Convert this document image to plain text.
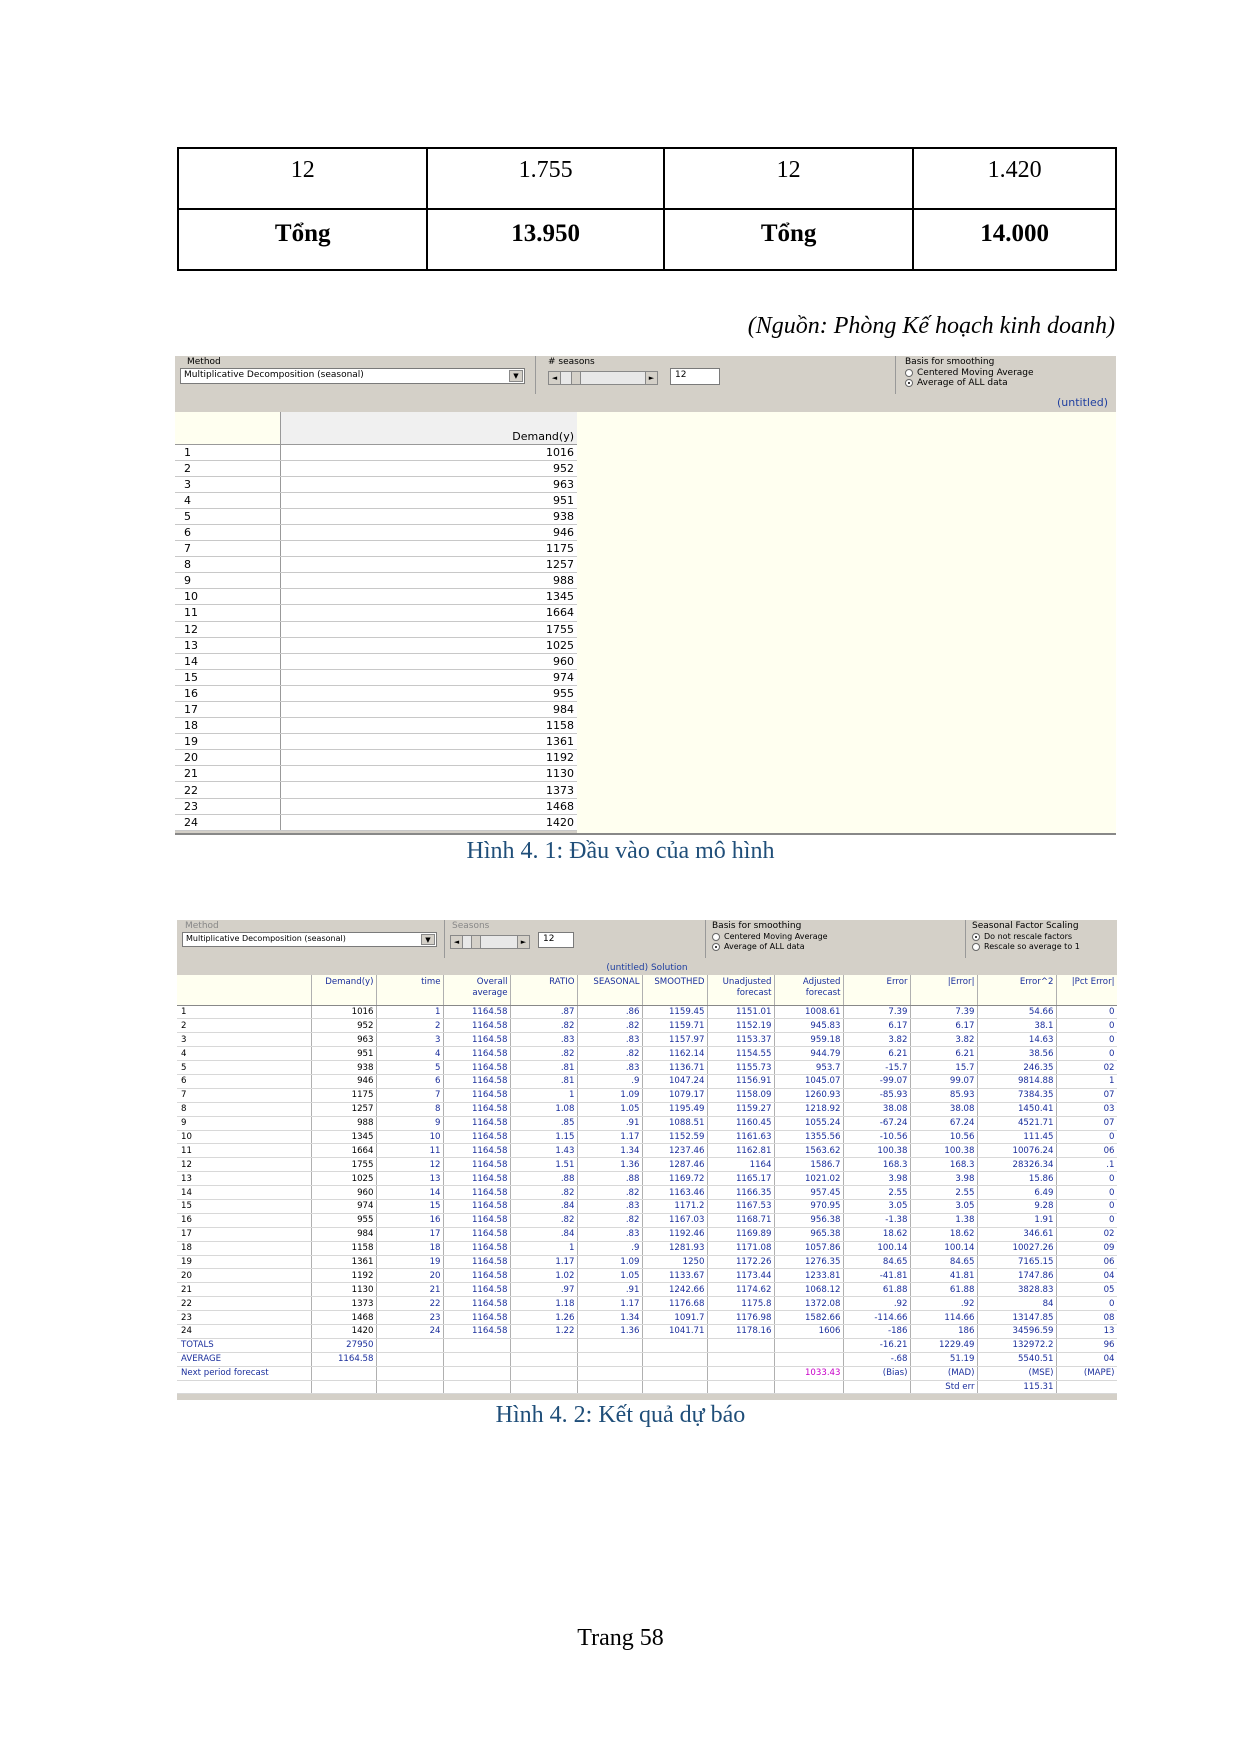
12	1.755	12	1.420
Tổng	13.950	Tổng	14.000
(Nguồn: Phòng Kế hoạch kinh doanh)
Method
Multiplicative Decomposition (seasonal)	▼
# seasons
◄	►	12
Basis for smoothing
Centered Moving Average
Average of ALL data
(untitled)
	Demand(y)
1	1016
2	952
3	963
4	951
5	938
6	946
7	1175
8	1257
9	988
10	1345
11	1664
12	1755
13	1025
14	960
15	974
16	955
17	984
18	1158
19	1361
20	1192
21	1130
22	1373
23	1468
24	1420
Hình 4. 1: Đầu vào của mô hình
Method
Multiplicative Decomposition (seasonal)	▼
Seasons
◄	►	12
Basis for smoothing
Centered Moving Average
Average of ALL data
Seasonal Factor Scaling
Do not rescale factors
Rescale so average to 1
(untitled) Solution
	Demand(y)	time	Overall average	RATIO	SEASONAL	SMOOTHED	Unadjusted forecast	Adjusted forecast	Error	|Error|	Error^2	|Pct Error|
1	1016	1	1164.58	.87	.86	1159.45	1151.01	1008.61	7.39	7.39	54.66	0
2	952	2	1164.58	.82	.82	1159.71	1152.19	945.83	6.17	6.17	38.1	0
3	963	3	1164.58	.83	.83	1157.97	1153.37	959.18	3.82	3.82	14.63	0
4	951	4	1164.58	.82	.82	1162.14	1154.55	944.79	6.21	6.21	38.56	0
5	938	5	1164.58	.81	.83	1136.71	1155.73	953.7	-15.7	15.7	246.35	02
6	946	6	1164.58	.81	.9	1047.24	1156.91	1045.07	-99.07	99.07	9814.88	1
7	1175	7	1164.58	1	1.09	1079.17	1158.09	1260.93	-85.93	85.93	7384.35	07
8	1257	8	1164.58	1.08	1.05	1195.49	1159.27	1218.92	38.08	38.08	1450.41	03
9	988	9	1164.58	.85	.91	1088.51	1160.45	1055.24	-67.24	67.24	4521.71	07
10	1345	10	1164.58	1.15	1.17	1152.59	1161.63	1355.56	-10.56	10.56	111.45	0
11	1664	11	1164.58	1.43	1.34	1237.46	1162.81	1563.62	100.38	100.38	10076.24	06
12	1755	12	1164.58	1.51	1.36	1287.46	1164	1586.7	168.3	168.3	28326.34	.1
13	1025	13	1164.58	.88	.88	1169.72	1165.17	1021.02	3.98	3.98	15.86	0
14	960	14	1164.58	.82	.82	1163.46	1166.35	957.45	2.55	2.55	6.49	0
15	974	15	1164.58	.84	.83	1171.2	1167.53	970.95	3.05	3.05	9.28	0
16	955	16	1164.58	.82	.82	1167.03	1168.71	956.38	-1.38	1.38	1.91	0
17	984	17	1164.58	.84	.83	1192.46	1169.89	965.38	18.62	18.62	346.61	02
18	1158	18	1164.58	1	.9	1281.93	1171.08	1057.86	100.14	100.14	10027.26	09
19	1361	19	1164.58	1.17	1.09	1250	1172.26	1276.35	84.65	84.65	7165.15	06
20	1192	20	1164.58	1.02	1.05	1133.67	1173.44	1233.81	-41.81	41.81	1747.86	04
21	1130	21	1164.58	.97	.91	1242.66	1174.62	1068.12	61.88	61.88	3828.83	05
22	1373	22	1164.58	1.18	1.17	1176.68	1175.8	1372.08	.92	.92	84	0
23	1468	23	1164.58	1.26	1.34	1091.7	1176.98	1582.66	-114.66	114.66	13147.85	08
24	1420	24	1164.58	1.22	1.36	1041.71	1178.16	1606	-186	186	34596.59	13
TOTALS	27950								-16.21	1229.49	132972.2	96
AVERAGE	1164.58								-.68	51.19	5540.51	04
Next period forecast								1033.43	(Bias)	(MAD)	(MSE)	(MAPE)
										Std err	115.31	
Hình 4. 2: Kết quả dự báo
Trang 58
